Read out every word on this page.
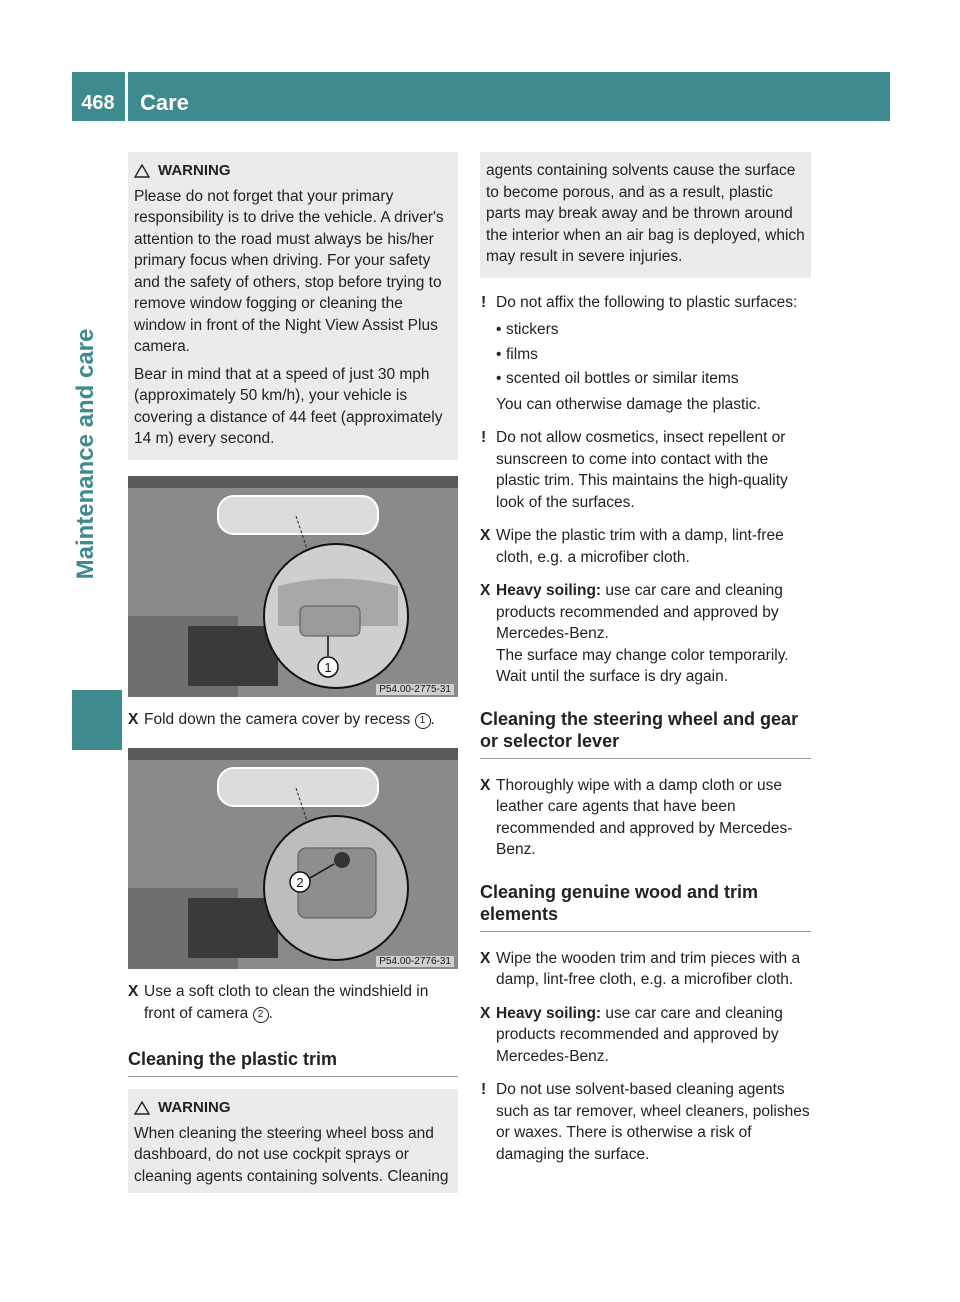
468	Care
Maintenance and care
WARNING

Please do not forget that your primary responsibility is to drive the vehicle. A driver's attention to the road must always be his/her primary focus when driving. For your safety and the safety of others, stop before trying to remove window fogging or cleaning the window in front of the Night View Assist Plus camera.

Bear in mind that at a speed of just 30 mph (approximately 50 km/h), your vehicle is covering a distance of 44 feet (approximately 14 m) every second.

1
P54.00-2775-31
X Fold down the camera cover by recess 1 .
2
P54.00-2776-31
X Use a soft cloth to clean the windshield in front of camera 2 .
Cleaning the plastic trim
WARNING

When cleaning the steering wheel boss and dashboard, do not use cockpit sprays or cleaning agents containing solvents. Cleaning

agents containing solvents cause the surface to become porous, and as a result, plastic parts may break away and be thrown around the interior when an air bag is deployed, which may result in severe injuries.

! Do not affix the following to plastic surfaces:
• stickers
• films
• scented oil bottles or similar items
You can otherwise damage the plastic.
! Do not allow cosmetics, insect repellent or sunscreen to come into contact with the plastic trim. This maintains the high-quality look of the surfaces.
X Wipe the plastic trim with a damp, lint-free cloth, e.g. a microfiber cloth.
X Heavy soiling: use car care and cleaning products recommended and approved by Mercedes-Benz.
The surface may change color temporarily. Wait until the surface is dry again.
Cleaning the steering wheel and gear or selector lever
X Thoroughly wipe with a damp cloth or use leather care agents that have been recommended and approved by Mercedes-Benz.
Cleaning genuine wood and trim elements
X Wipe the wooden trim and trim pieces with a damp, lint-free cloth, e.g. a microfiber cloth.
X Heavy soiling: use car care and cleaning products recommended and approved by Mercedes-Benz.
! Do not use solvent-based cleaning agents such as tar remover, wheel cleaners, polishes or waxes. There is otherwise a risk of damaging the surface.
